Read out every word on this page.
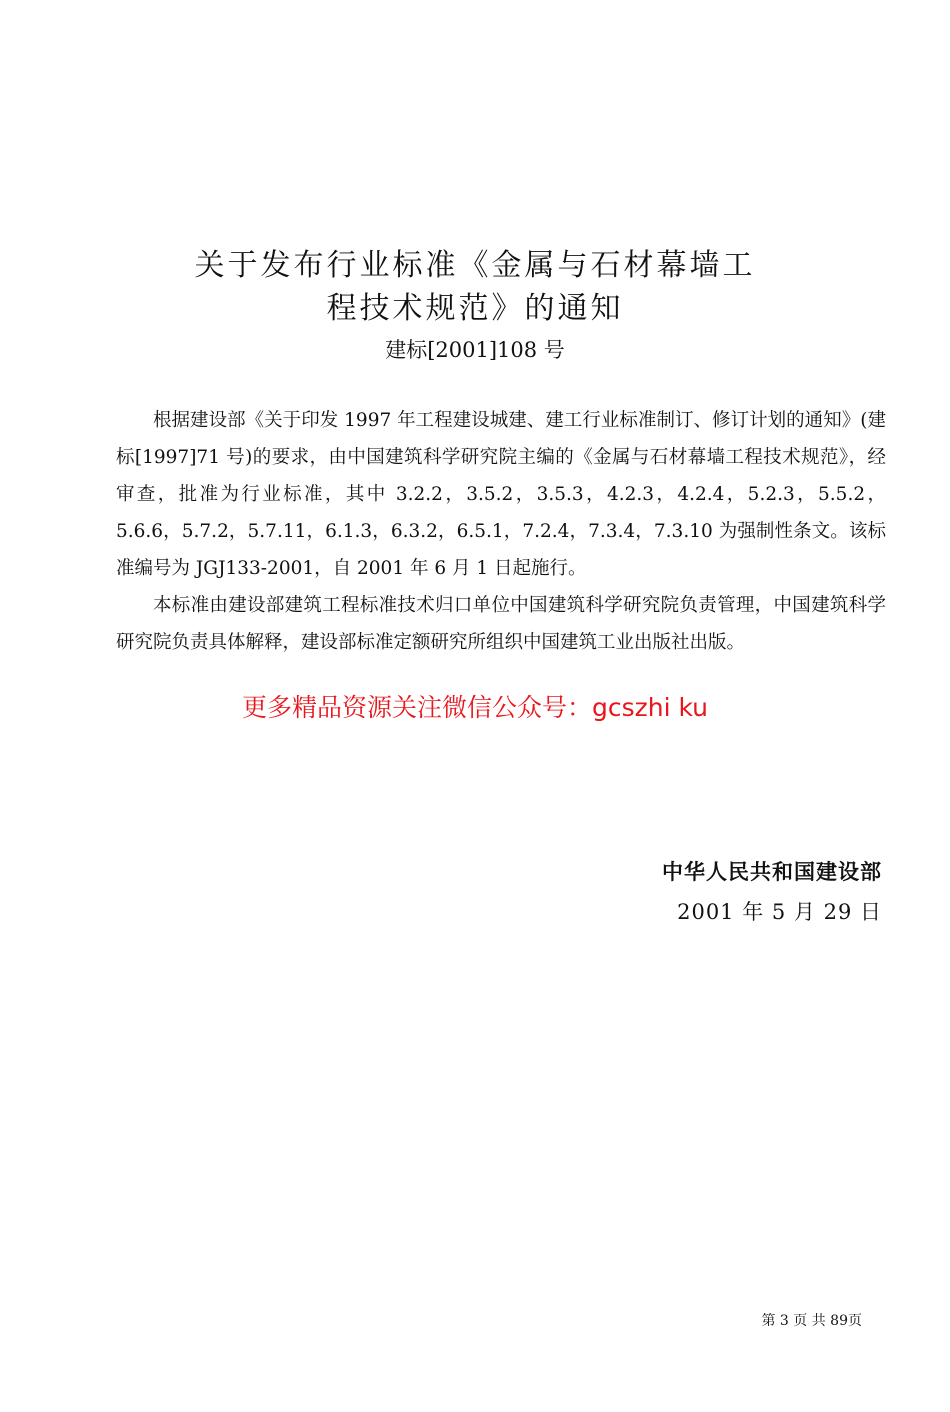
关于发布行业标准《金属与石材幕墙工
程技术规范》的通知
建标[2001]108 号

根据建设部《关于印发 1997 年工程建设城建、建工行业标准制订、修订计划的通知》(建标[1997]71 号)的要求，由中国建筑科学研究院主编的《金属与石材幕墙工程技术规范》，经审查，批准为行业标准，其中 3.2.2，3.5.2，3.5.3，4.2.3，4.2.4，5.2.3，5.5.2，5.6.6，5.7.2，5.7.11，6.1.3，6.3.2，6.5.1，7.2.4，7.3.4，7.3.10 为强制性条文。该标准编号为 JGJ133-2001，自 2001 年 6 月 1 日起施行。

本标准由建设部建筑工程标准技术归口单位中国建筑科学研究院负责管理，中国建筑科学研究院负责具体解释，建设部标准定额研究所组织中国建筑工业出版社出版。

更多精品资源关注微信公众号：gcszhi ku
中华人民共和国建设部
2001 年 5 月 29 日
第 3 页 共 89页
